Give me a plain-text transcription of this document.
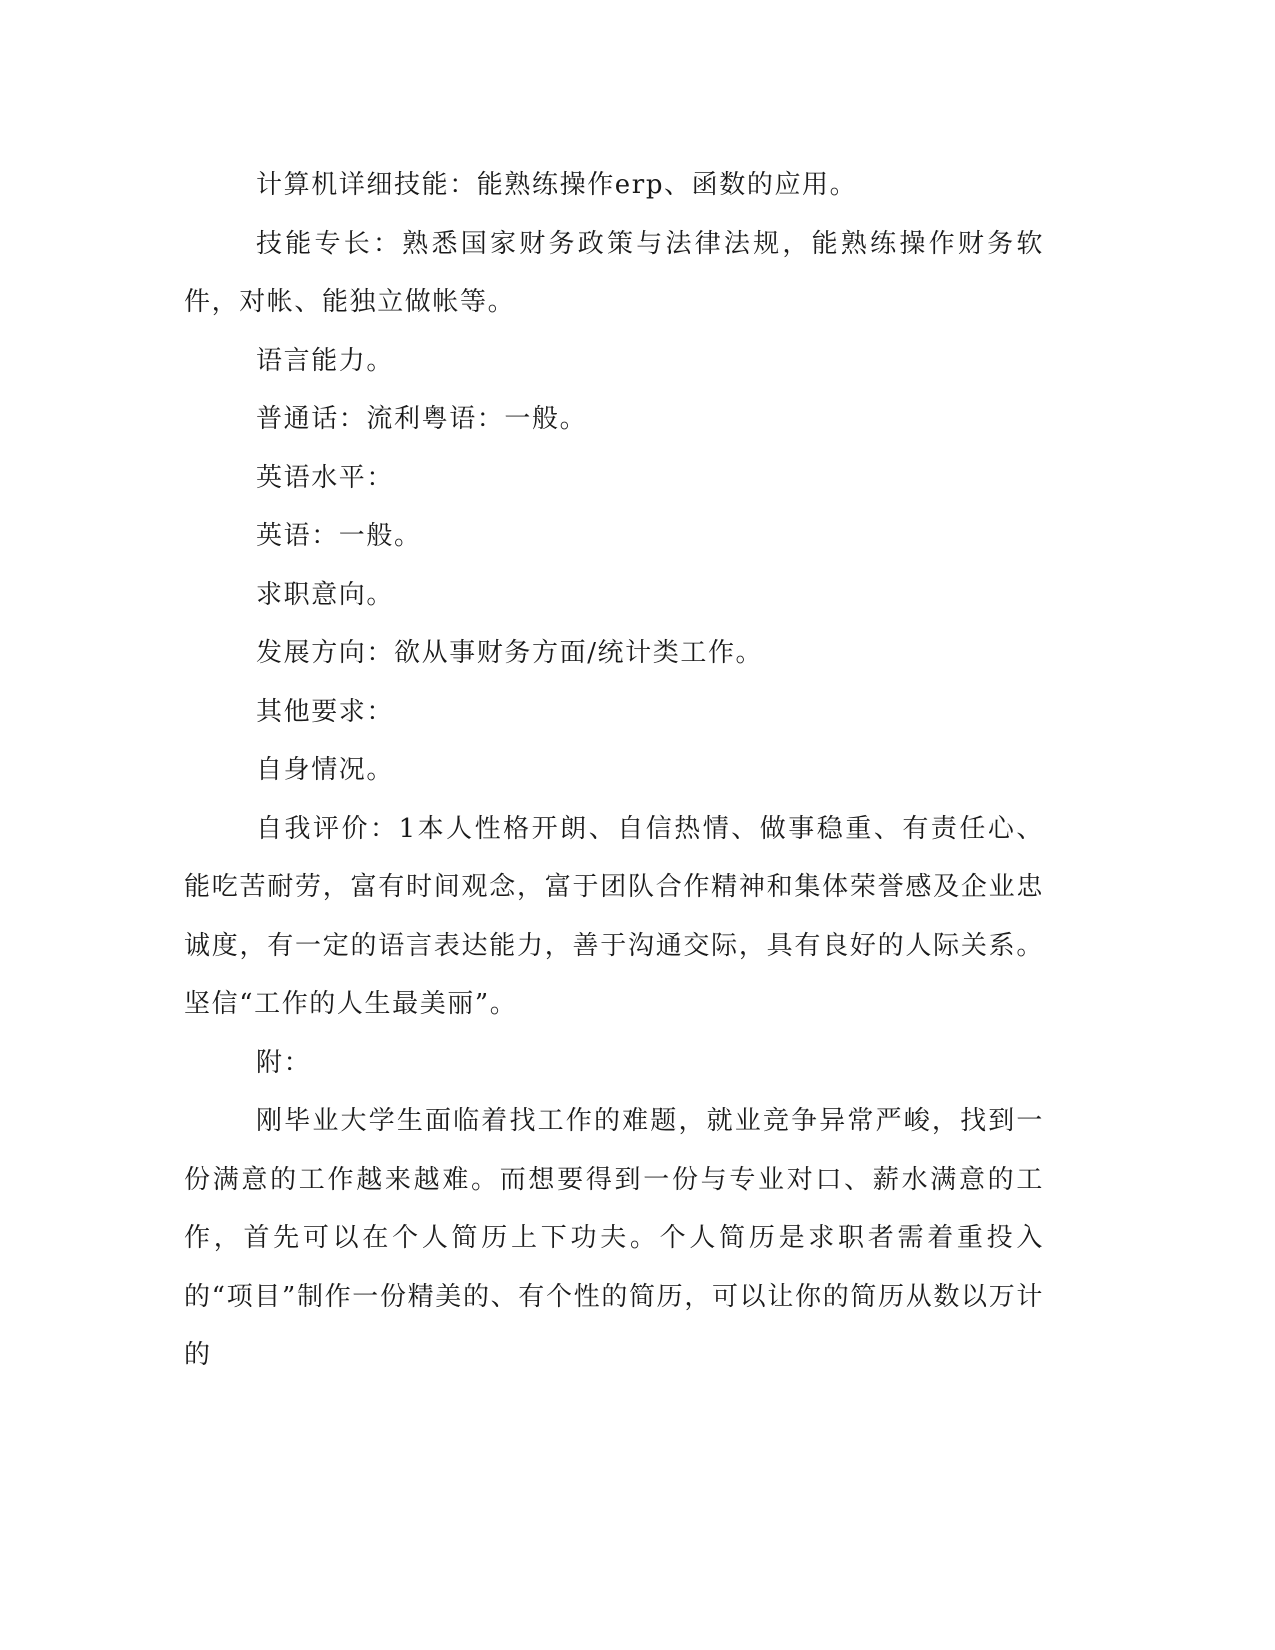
计算机详细技能：能熟练操作erp、函数的应用。

技能专长：熟悉国家财务政策与法律法规，能熟练操作财务软件，对帐、能独立做帐等。

语言能力。

普通话：流利粤语：一般。

英语水平：

英语：一般。

求职意向。

发展方向：欲从事财务方面/统计类工作。

其他要求：

自身情况。

自我评价：1本人性格开朗、自信热情、做事稳重、有责任心、能吃苦耐劳，富有时间观念，富于团队合作精神和集体荣誉感及企业忠诚度，有一定的语言表达能力，善于沟通交际，具有良好的人际关系。坚信“工作的人生最美丽”。

附：

刚毕业大学生面临着找工作的难题，就业竞争异常严峻，找到一份满意的工作越来越难。而想要得到一份与专业对口、薪水满意的工作，首先可以在个人简历上下功夫。个人简历是求职者需着重投入的“项目”制作一份精美的、有个性的简历，可以让你的简历从数以万计的
